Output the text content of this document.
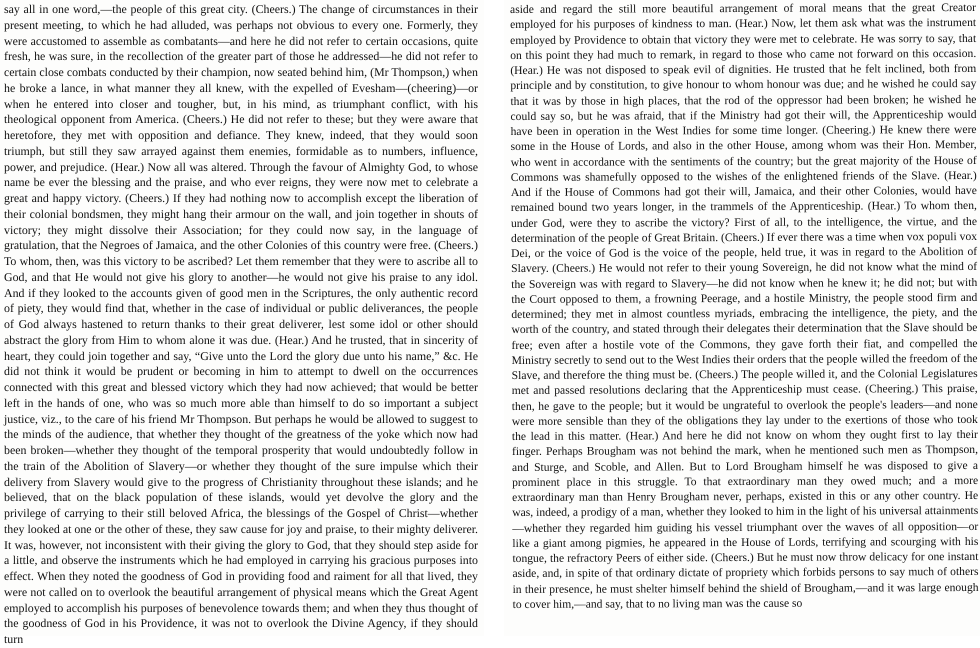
say all in one word,—the people of this great city. (Cheers.) The change of circumstances in their present meeting, to which he had alluded, was perhaps not obvious to every one. Formerly, they were accustomed to assemble as combatants—and here he did not refer to certain occasions, quite fresh, he was sure, in the recollection of the greater part of those he addressed—he did not refer to certain close combats conducted by their champion, now seated behind him, (Mr Thompson,) when he broke a lance, in what manner they all knew, with the expelled of Evesham—(cheering)—or when he entered into closer and tougher, but, in his mind, as triumphant conflict, with his theological opponent from America. (Cheers.) He did not refer to these; but they were aware that heretofore, they met with opposition and defiance. They knew, indeed, that they would soon triumph, but still they saw arrayed against them enemies, formidable as to numbers, influence, power, and prejudice. (Hear.) Now all was altered. Through the favour of Almighty God, to whose name be ever the blessing and the praise, and who ever reigns, they were now met to celebrate a great and happy victory. (Cheers.) If they had nothing now to accomplish except the liberation of their colonial bondsmen, they might hang their armour on the wall, and join together in shouts of victory; they might dissolve their Association; for they could now say, in the language of gratulation, that the Negroes of Jamaica, and the other Colonies of this country were free. (Cheers.) To whom, then, was this victory to be ascribed? Let them remember that they were to ascribe all to God, and that He would not give his glory to another—he would not give his praise to any idol. And if they looked to the accounts given of good men in the Scriptures, the only authentic record of piety, they would find that, whether in the case of individual or public deliverances, the people of God always hastened to return thanks to their great deliverer, lest some idol or other should abstract the glory from Him to whom alone it was due. (Hear.) And he trusted, that in sincerity of heart, they could join together and say, “Give unto the Lord the glory due unto his name,” &c. He did not think it would be prudent or becoming in him to attempt to dwell on the occurrences connected with this great and blessed victory which they had now achieved; that would be better left in the hands of one, who was so much more able than himself to do so important a subject justice, viz., to the care of his friend Mr Thompson. But perhaps he would be allowed to suggest to the minds of the audience, that whether they thought of the greatness of the yoke which now had been broken—whether they thought of the temporal prosperity that would undoubtedly follow in the train of the Abolition of Slavery—or whether they thought of the sure impulse which their delivery from Slavery would give to the progress of Christianity throughout these islands; and he believed, that on the black population of these islands, would yet devolve the glory and the privilege of carrying to their still beloved Africa, the blessings of the Gospel of Christ—whether they looked at one or the other of these, they saw cause for joy and praise, to their mighty deliverer. It was, however, not inconsistent with their giving the glory to God, that they should step aside for a little, and observe the instruments which he had employed in carrying his gracious purposes into effect. When they noted the goodness of God in providing food and raiment for all that lived, they were not called on to overlook the beautiful arrangement of physical means which the Great Agent employed to accomplish his purposes of benevolence towards them; and when they thus thought of the goodness of God in his Providence, it was not to overlook the Divine Agency, if they should turn

aside and regard the still more beautiful arrangement of moral means that the great Creator employed for his purposes of kindness to man. (Hear.) Now, let them ask what was the instrument employed by Providence to obtain that victory they were met to celebrate. He was sorry to say, that on this point they had much to remark, in regard to those who came not forward on this occasion. (Hear.) He was not disposed to speak evil of dignities. He trusted that he felt inclined, both from principle and by constitution, to give honour to whom honour was due; and he wished he could say that it was by those in high places, that the rod of the oppressor had been broken; he wished he could say so, but he was afraid, that if the Ministry had got their will, the Apprenticeship would have been in operation in the West Indies for some time longer. (Cheering.) He knew there were some in the House of Lords, and also in the other House, among whom was their Hon. Member, who went in accordance with the sentiments of the country; but the great majority of the House of Commons was shamefully opposed to the wishes of the enlightened friends of the Slave. (Hear.) And if the House of Commons had got their will, Jamaica, and their other Colonies, would have remained bound two years longer, in the trammels of the Apprenticeship. (Hear.) To whom then, under God, were they to ascribe the victory? First of all, to the intelligence, the virtue, and the determination of the people of Great Britain. (Cheers.) If ever there was a time when vox populi vox Dei, or the voice of God is the voice of the people, held true, it was in regard to the Abolition of Slavery. (Cheers.) He would not refer to their young Sovereign, he did not know what the mind of the Sovereign was with regard to Slavery—he did not know when he knew it; he did not; but with the Court opposed to them, a frowning Peerage, and a hostile Ministry, the people stood firm and determined; they met in almost countless myriads, embracing the intelligence, the piety, and the worth of the country, and stated through their delegates their determination that the Slave should be free; even after a hostile vote of the Commons, they gave forth their fiat, and compelled the Ministry secretly to send out to the West Indies their orders that the people willed the freedom of the Slave, and therefore the thing must be. (Cheers.) The people willed it, and the Colonial Legislatures met and passed resolutions declaring that the Apprenticeship must cease. (Cheering.) This praise, then, he gave to the people; but it would be ungrateful to overlook the people's leaders—and none were more sensible than they of the obligations they lay under to the exertions of those who took the lead in this matter. (Hear.) And here he did not know on whom they ought first to lay their finger. Perhaps Brougham was not behind the mark, when he mentioned such men as Thompson, and Sturge, and Scoble, and Allen. But to Lord Brougham himself he was disposed to give a prominent place in this struggle. To that extraordinary man they owed much; and a more extraordinary man than Henry Brougham never, perhaps, existed in this or any other country. He was, indeed, a prodigy of a man, whether they looked to him in the light of his universal attainments—whether they regarded him guiding his vessel triumphant over the waves of all opposition—or like a giant among pigmies, he appeared in the House of Lords, terrifying and scourging with his tongue, the refractory Peers of either side. (Cheers.) But he must now throw delicacy for one instant aside, and, in spite of that ordinary dictate of propriety which forbids persons to say much of others in their presence, he must shelter himself behind the shield of Brougham,—and it was large enough to cover him,—and say, that to no living man was the cause so
